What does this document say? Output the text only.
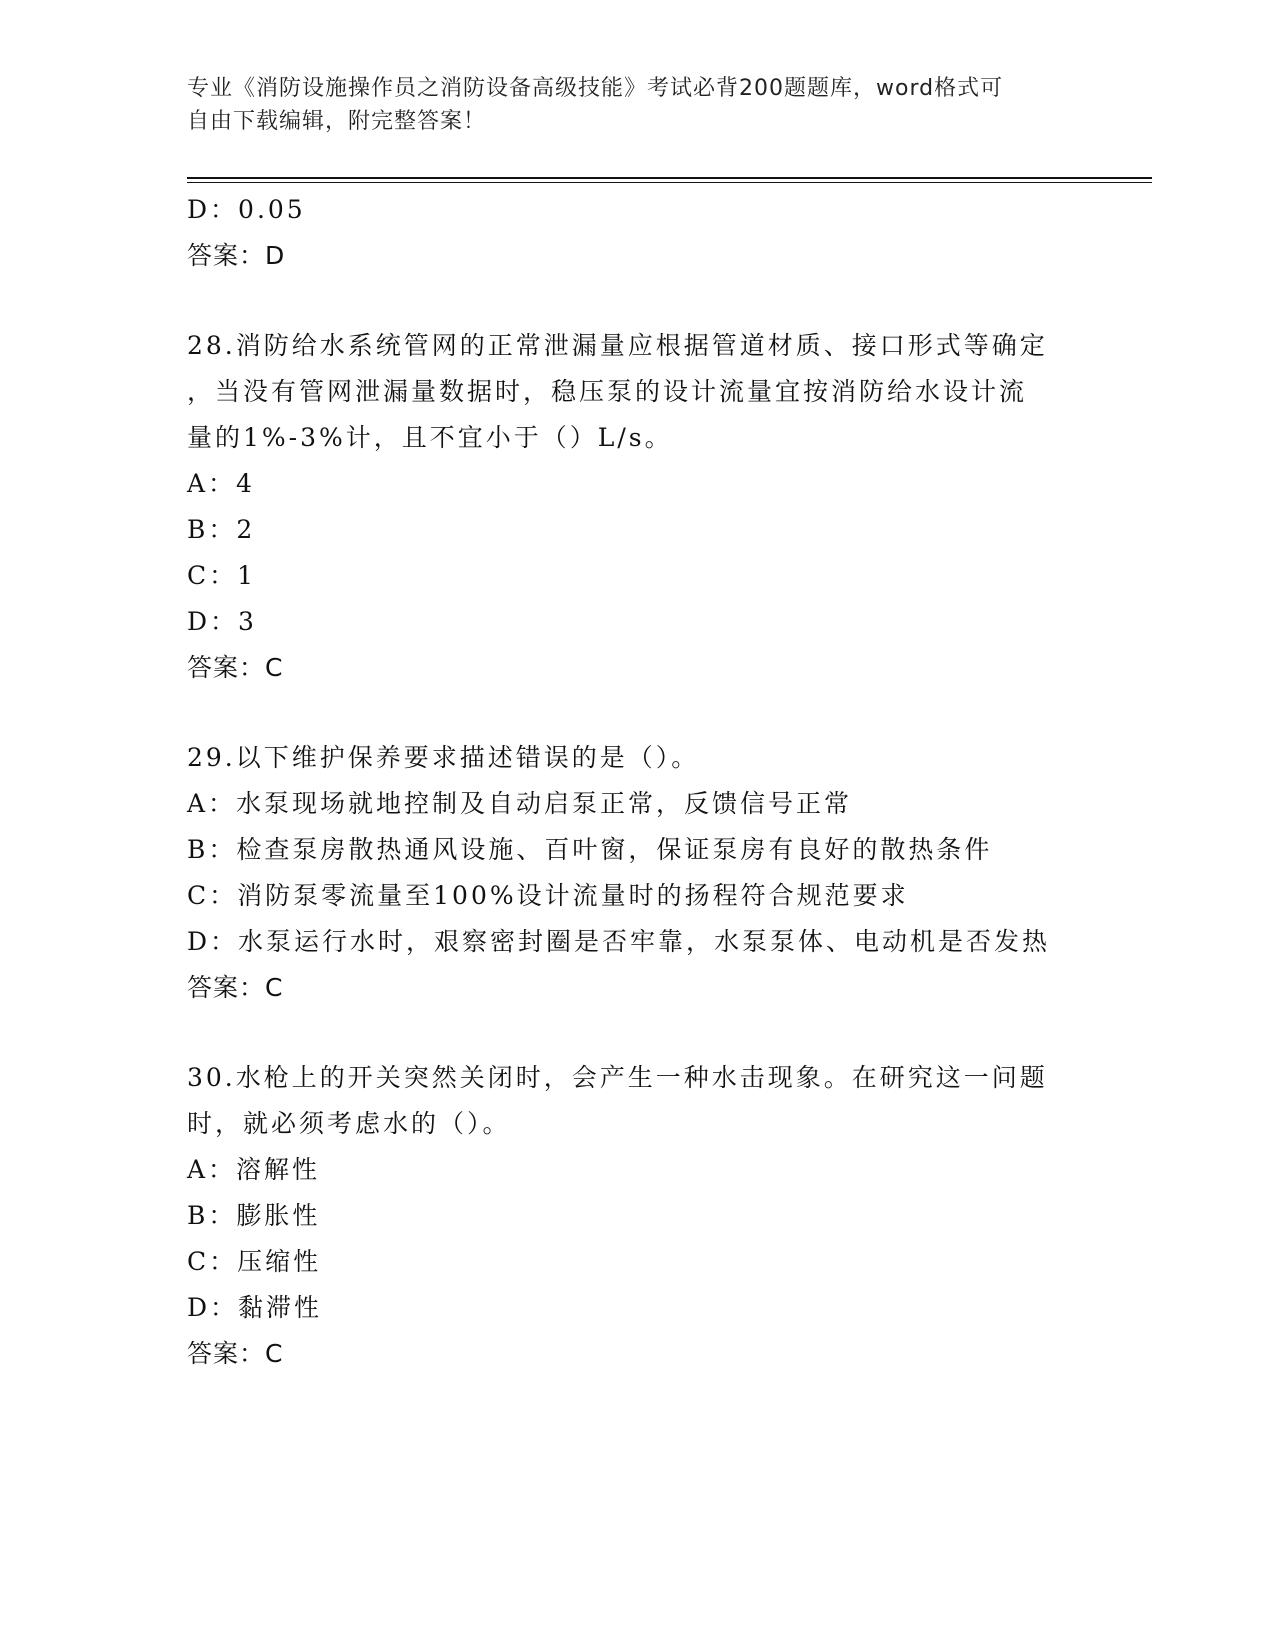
专业《消防设施操作员之消防设备高级技能》考试必背200题题库，word格式可
自由下载编辑，附完整答案！
D：0.05
答案：D
28.消防给水系统管网的正常泄漏量应根据管道材质、接口形式等确定
，当没有管网泄漏量数据时，稳压泵的设计流量宜按消防给水设计流
量的1%-3%计，且不宜小于（）L/s。
A：4
B：2
C：1
D：3
答案：C
29.以下维护保养要求描述错误的是（）。
A：水泵现场就地控制及自动启泵正常，反馈信号正常
B：检查泵房散热通风设施、百叶窗，保证泵房有良好的散热条件
C：消防泵零流量至100%设计流量时的扬程符合规范要求
D：水泵运行水时，艰察密封圈是否牢靠，水泵泵体、电动机是否发热
答案：C
30.水枪上的开关突然关闭时，会产生一种水击现象。在研究这一问题
时，就必须考虑水的（）。
A：溶解性
B：膨胀性
C：压缩性
D：黏滞性
答案：C
